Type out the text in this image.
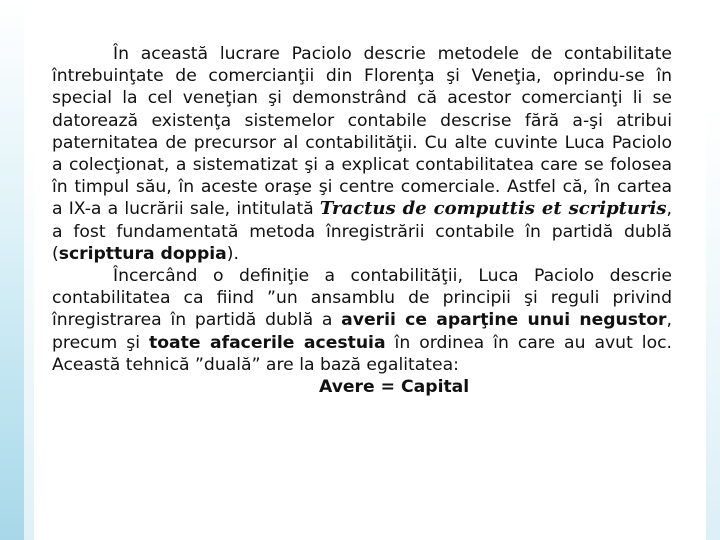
În această lucrare Paciolo descrie metodele de contabilitate întrebuinţate de comercianţii din Florenţa şi Veneţia, oprindu-se în special la cel veneţian şi demonstrând că acestor comercianţi li se datorează existenţa sistemelor contabile descrise fără a-şi atribui paternitatea de precursor al contabilităţii. Cu alte cuvinte Luca Paciolo a colecţionat, a sistematizat şi a explicat contabilitatea care se folosea în timpul său, în aceste oraşe şi centre comerciale. Astfel că, în cartea a IX-a a lucrării sale, intitulată Tractus de computtis et scripturis, a fost fundamentată metoda înregistrării contabile în partidă dublă (scripttura doppia).

Încercând o definiţie a contabilităţii, Luca Paciolo descrie contabilitatea ca fiind ”un ansamblu de principii şi reguli privind înregistrarea în partidă dublă a averii ce aparţine unui negustor, precum şi toate afacerile acestuia în ordinea în care au avut loc. Această tehnică ”duală” are la bază egalitatea:

Avere = Capital
